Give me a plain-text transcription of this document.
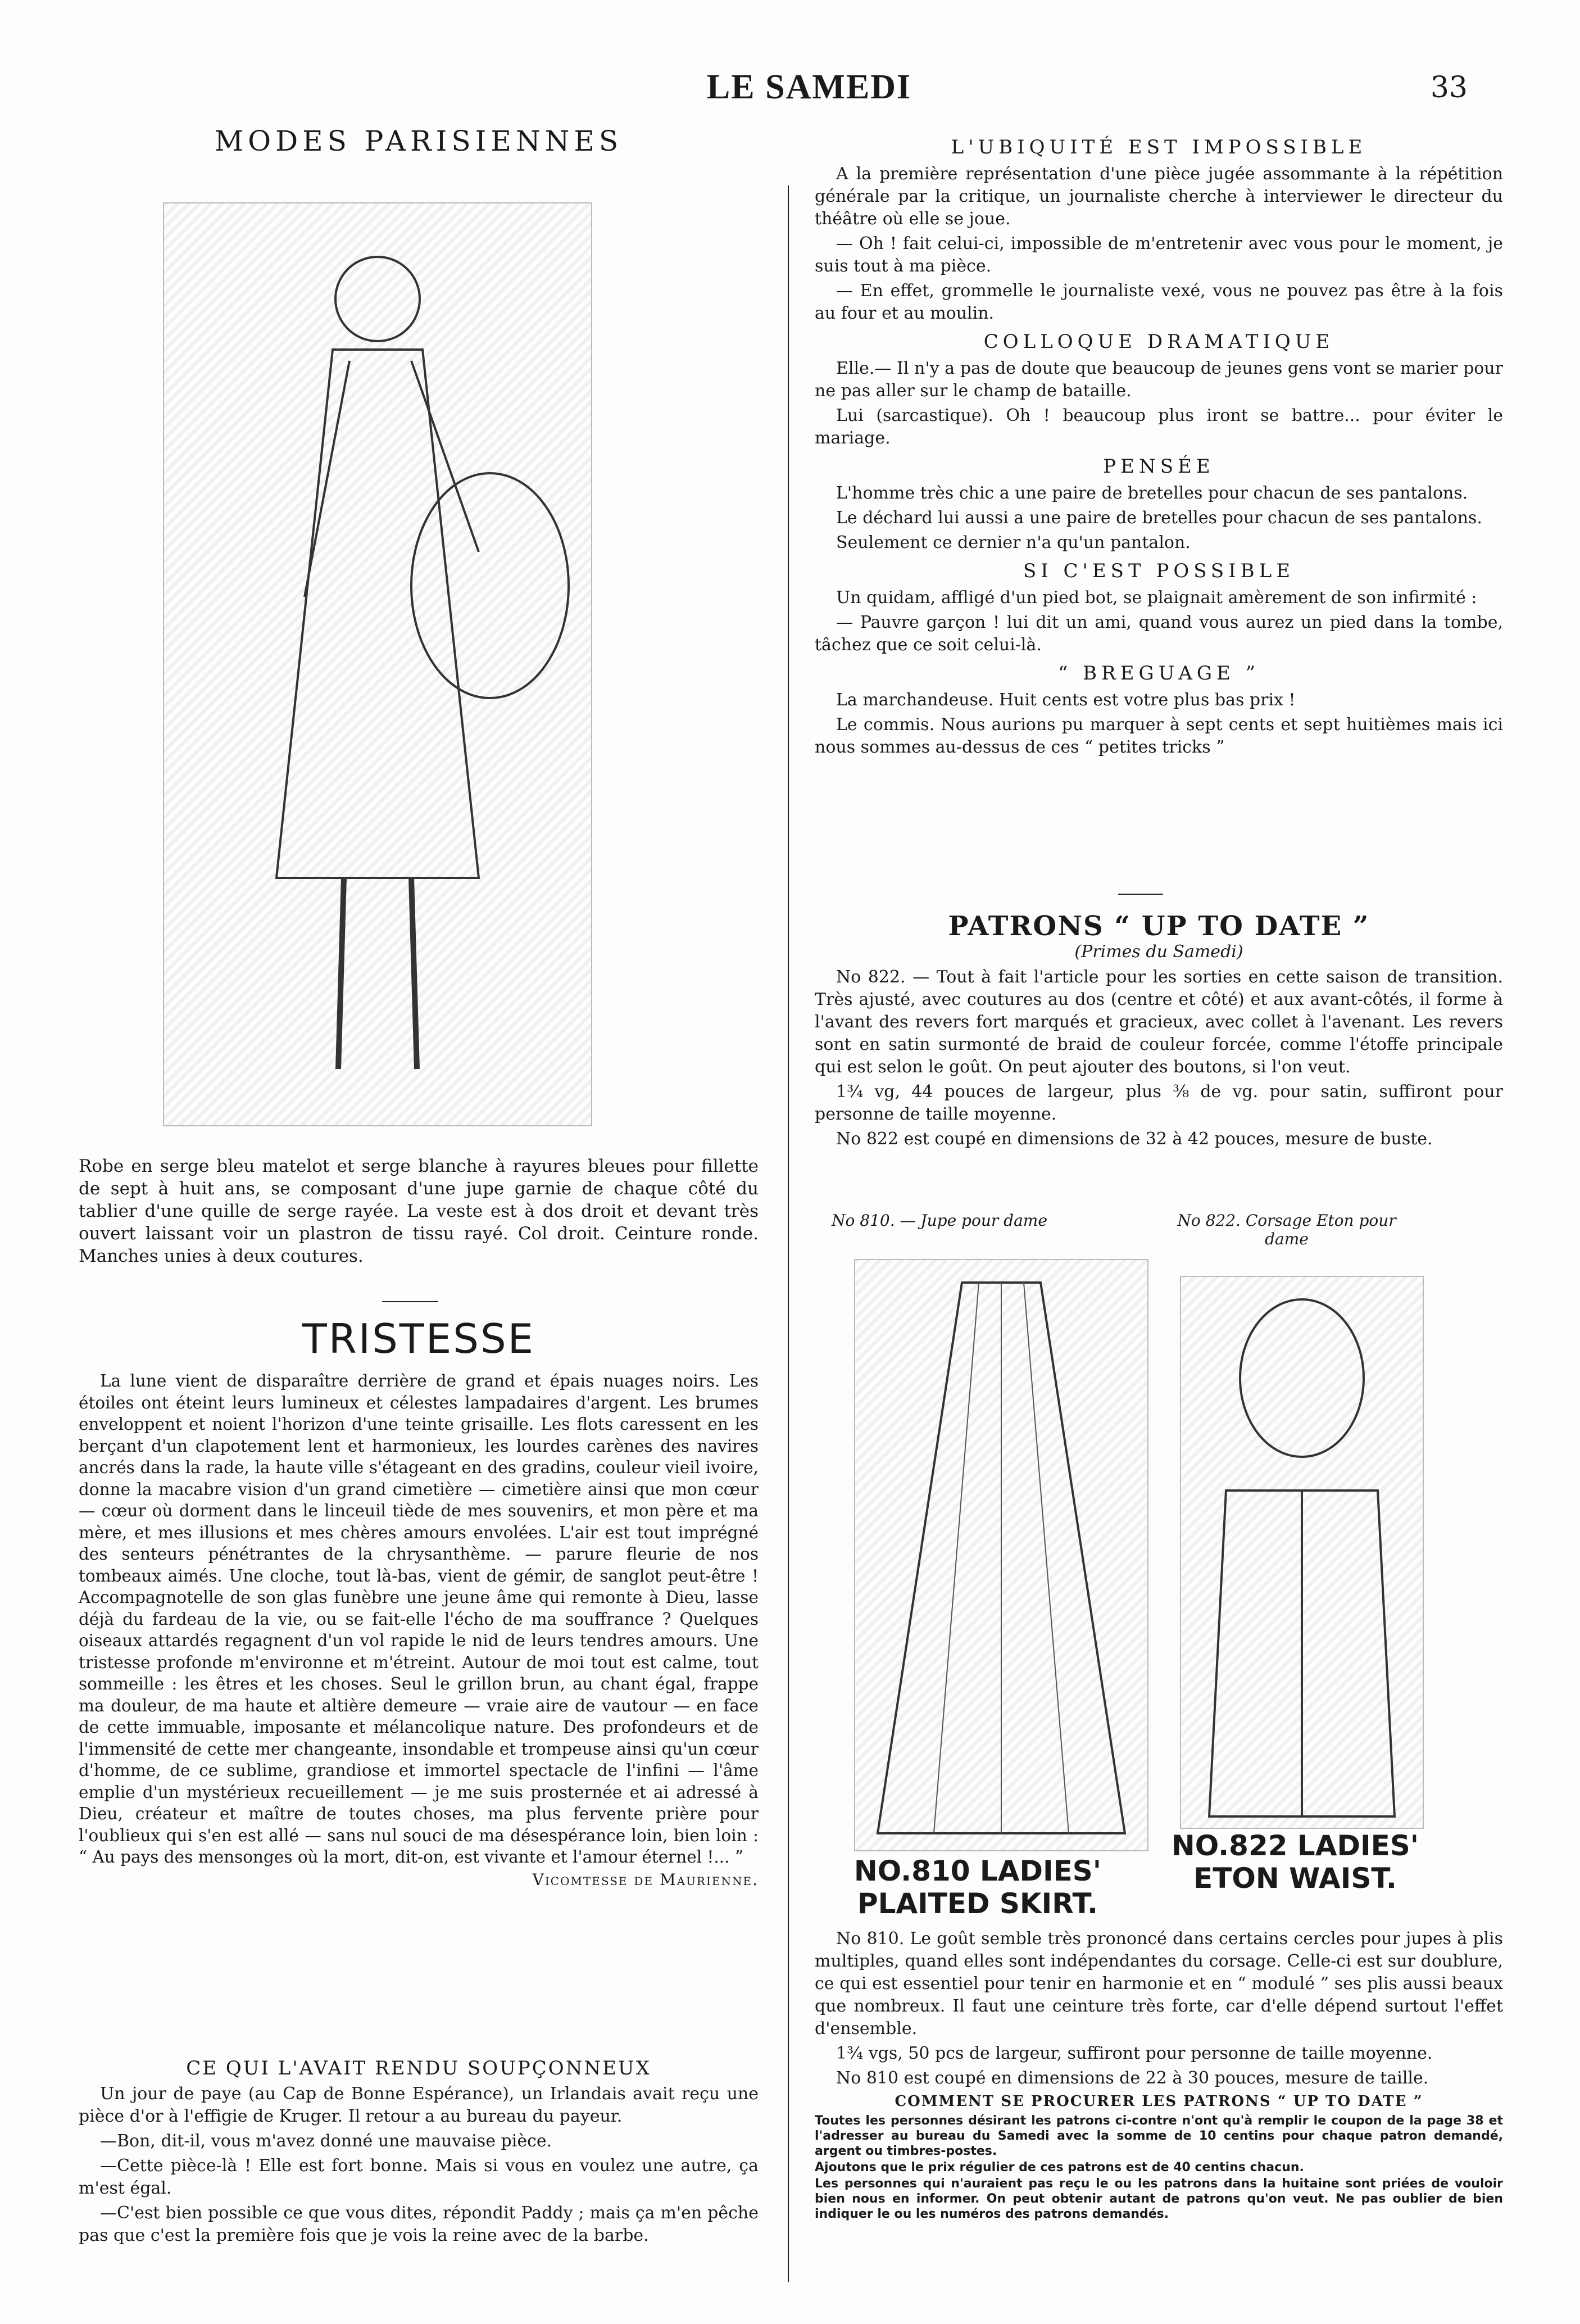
LE SAMEDI	33
MODES PARISIENNES

Robe en serge bleu matelot et serge blanche à rayures bleues pour fillette de sept à huit ans, se composant d'une jupe garnie de chaque côté du tablier d'une quille de serge rayée. La veste est à dos droit et devant très ouvert laissant voir un plastron de tissu rayé. Col droit. Ceinture ronde. Manches unies à deux coutures.

TRISTESSE

La lune vient de disparaître derrière de grand et épais nuages noirs. Les étoiles ont éteint leurs lumineux et célestes lampadaires d'argent. Les brumes enveloppent et noient l'horizon d'une teinte grisaille. Les flots caressent en les berçant d'un clapotement lent et harmonieux, les lourdes carènes des navires ancrés dans la rade, la haute ville s'étageant en des gradins, couleur vieil ivoire, donne la macabre vision d'un grand cimetière — cimetière ainsi que mon cœur — cœur où dorment dans le linceuil tiède de mes souvenirs, et mon père et ma mère, et mes illusions et mes chères amours envolées. L'air est tout imprégné des senteurs pénétrantes de la chrysanthème. — parure fleurie de nos tombeaux aimés. Une cloche, tout là-bas, vient de gémir, de sanglot peut-être ! Accompagnotelle de son glas funèbre une jeune âme qui remonte à Dieu, lasse déjà du fardeau de la vie, ou se fait-elle l'écho de ma souffrance ? Quelques oiseaux attardés regagnent d'un vol rapide le nid de leurs tendres amours. Une tristesse profonde m'environne et m'étreint. Autour de moi tout est calme, tout sommeille : les êtres et les choses. Seul le grillon brun, au chant égal, frappe ma douleur, de ma haute et altière demeure — vraie aire de vautour — en face de cette immuable, imposante et mélancolique nature. Des profondeurs et de l'immensité de cette mer changeante, insondable et trompeuse ainsi qu'un cœur d'homme, de ce sublime, grandiose et immortel spectacle de l'infini — l'âme emplie d'un mystérieux recueillement — je me suis prosternée et ai adressé à Dieu, créateur et maître de toutes choses, ma plus fervente prière pour l'oublieux qui s'en est allé — sans nul souci de ma désespérance loin, bien loin : “ Au pays des mensonges où la mort, dit-on, est vivante et l'amour éternel !... ”

Vicomtesse de Maurienne.
CE QUI L'AVAIT RENDU SOUPÇONNEUX

Un jour de paye (au Cap de Bonne Espérance), un Irlandais avait reçu une pièce d'or à l'effigie de Kruger. Il retour a au bureau du payeur.

—Bon, dit-il, vous m'avez donné une mauvaise pièce.

—Cette pièce-là ! Elle est fort bonne. Mais si vous en voulez une autre, ça m'est égal.

—C'est bien possible ce que vous dites, répondit Paddy ; mais ça m'en pêche pas que c'est la première fois que je vois la reine avec de la barbe.

L'UBIQUITÉ EST IMPOSSIBLE

A la première représentation d'une pièce jugée assommante à la répétition générale par la critique, un journaliste cherche à interviewer le directeur du théâtre où elle se joue.

— Oh ! fait celui-ci, impossible de m'entretenir avec vous pour le moment, je suis tout à ma pièce.

— En effet, grommelle le journaliste vexé, vous ne pouvez pas être à la fois au four et au moulin.

COLLOQUE DRAMATIQUE

Elle.— Il n'y a pas de doute que beaucoup de jeunes gens vont se marier pour ne pas aller sur le champ de bataille.

Lui (sarcastique). Oh ! beaucoup plus iront se battre... pour éviter le mariage.

PENSÉE

L'homme très chic a une paire de bretelles pour chacun de ses pantalons.

Le déchard lui aussi a une paire de bretelles pour chacun de ses pantalons.

Seulement ce dernier n'a qu'un pantalon.

SI C'EST POSSIBLE

Un quidam, affligé d'un pied bot, se plaignait amèrement de son infirmité :

— Pauvre garçon ! lui dit un ami, quand vous aurez un pied dans la tombe, tâchez que ce soit celui-là.

“ BREGUAGE ”

La marchandeuse. Huit cents est votre plus bas prix !

Le commis. Nous aurions pu marquer à sept cents et sept huitièmes mais ici nous sommes au-dessus de ces “ petites tricks ”

PATRONS “ UP TO DATE ”
(Primes du Samedi)

No 822. — Tout à fait l'article pour les sorties en cette saison de transition. Très ajusté, avec coutures au dos (centre et côté) et aux avant-côtés, il forme à l'avant des revers fort marqués et gracieux, avec collet à l'avenant. Les revers sont en satin surmonté de braid de couleur forcée, comme l'étoffe principale qui est selon le goût. On peut ajouter des boutons, si l'on veut.

1¾ vg, 44 pouces de largeur, plus ⅜ de vg. pour satin, suffiront pour personne de taille moyenne.

No 822 est coupé en dimensions de 32 à 42 pouces, mesure de buste.

No 810. — Jupe pour dame	No 822. Corsage Eton pour dame
NO.810 LADIES' PLAITED SKIRT.
NO.822 LADIES' ETON WAIST.

No 810. Le goût semble très prononcé dans certains cercles pour jupes à plis multiples, quand elles sont indépendantes du corsage. Celle-ci est sur doublure, ce qui est essentiel pour tenir en harmonie et en “ modulé ” ses plis aussi beaux que nombreux. Il faut une ceinture très forte, car d'elle dépend surtout l'effet d'ensemble.

1¾ vgs, 50 pcs de largeur, suffiront pour personne de taille moyenne.

No 810 est coupé en dimensions de 22 à 30 pouces, mesure de taille.

COMMENT SE PROCURER LES PATRONS “ UP TO DATE ”

Toutes les personnes désirant les patrons ci-contre n'ont qu'à remplir le coupon de la page 38 et l'adresser au bureau du Samedi avec la somme de 10 centins pour chaque patron demandé, argent ou timbres-postes.

Ajoutons que le prix régulier de ces patrons est de 40 centins chacun.

Les personnes qui n'auraient pas reçu le ou les patrons dans la huitaine sont priées de vouloir bien nous en informer. On peut obtenir autant de patrons qu'on veut. Ne pas oublier de bien indiquer le ou les numéros des patrons demandés.
